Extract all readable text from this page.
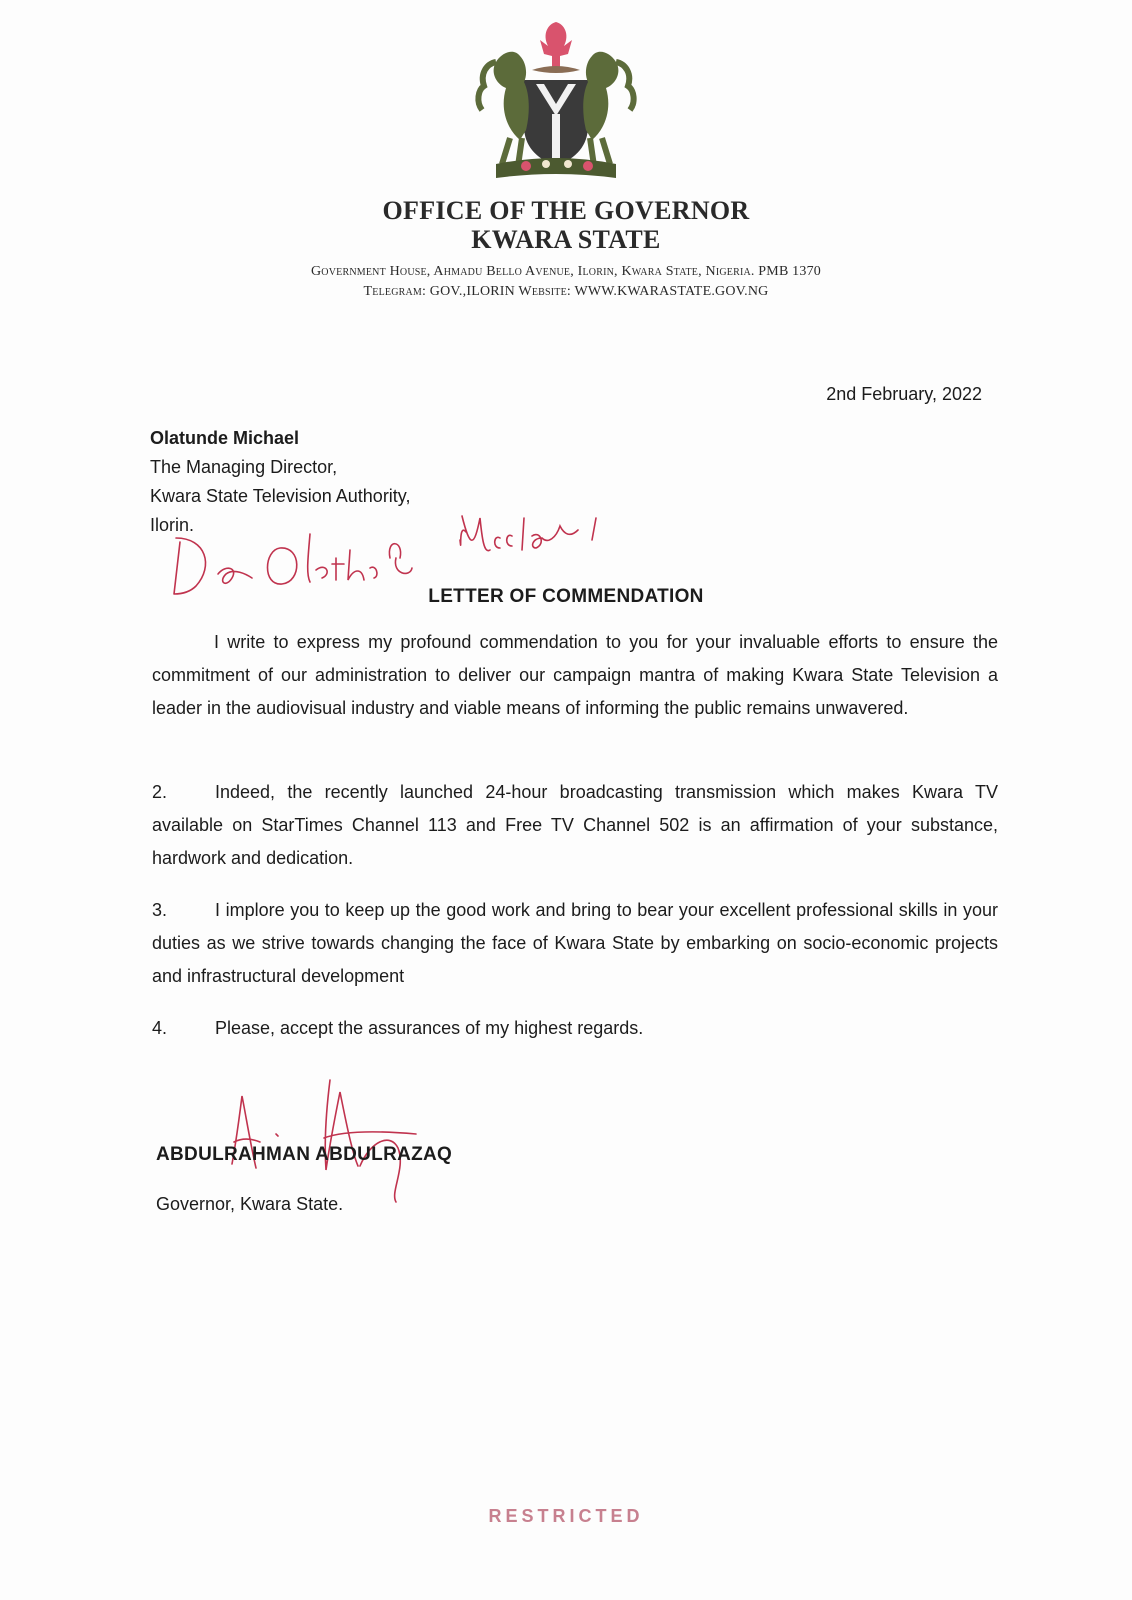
OFFICE OF THE GOVERNOR
KWARA STATE
Government House, Ahmadu Bello Avenue, Ilorin, Kwara State, Nigeria. PMB 1370
Telegram: GOV.,ILORIN Website: WWW.KWARASTATE.GOV.NG
2nd February, 2022
Olatunde Michael
The Managing Director,
Kwara State Television Authority,
Ilorin.
LETTER OF COMMENDATION

I write to express my profound commendation to you for your invaluable efforts to ensure the commitment of our administration to deliver our campaign mantra of making Kwara State Television a leader in the audiovisual industry and viable means of informing the public remains unwavered.

2.	Indeed, the recently launched 24-hour broadcasting transmission which makes Kwara TV available on StarTimes Channel 113 and Free TV Channel 502 is an affirmation of your substance, hardwork and dedication.

3.	I implore you to keep up the good work and bring to bear your excellent professional skills in your duties as we strive towards changing the face of Kwara State by embarking on socio-economic projects and infrastructural development

4.	Please, accept the assurances of my highest regards.

ABDULRAHMAN ABDULRAZAQ
Governor, Kwara State.
RESTRICTED
